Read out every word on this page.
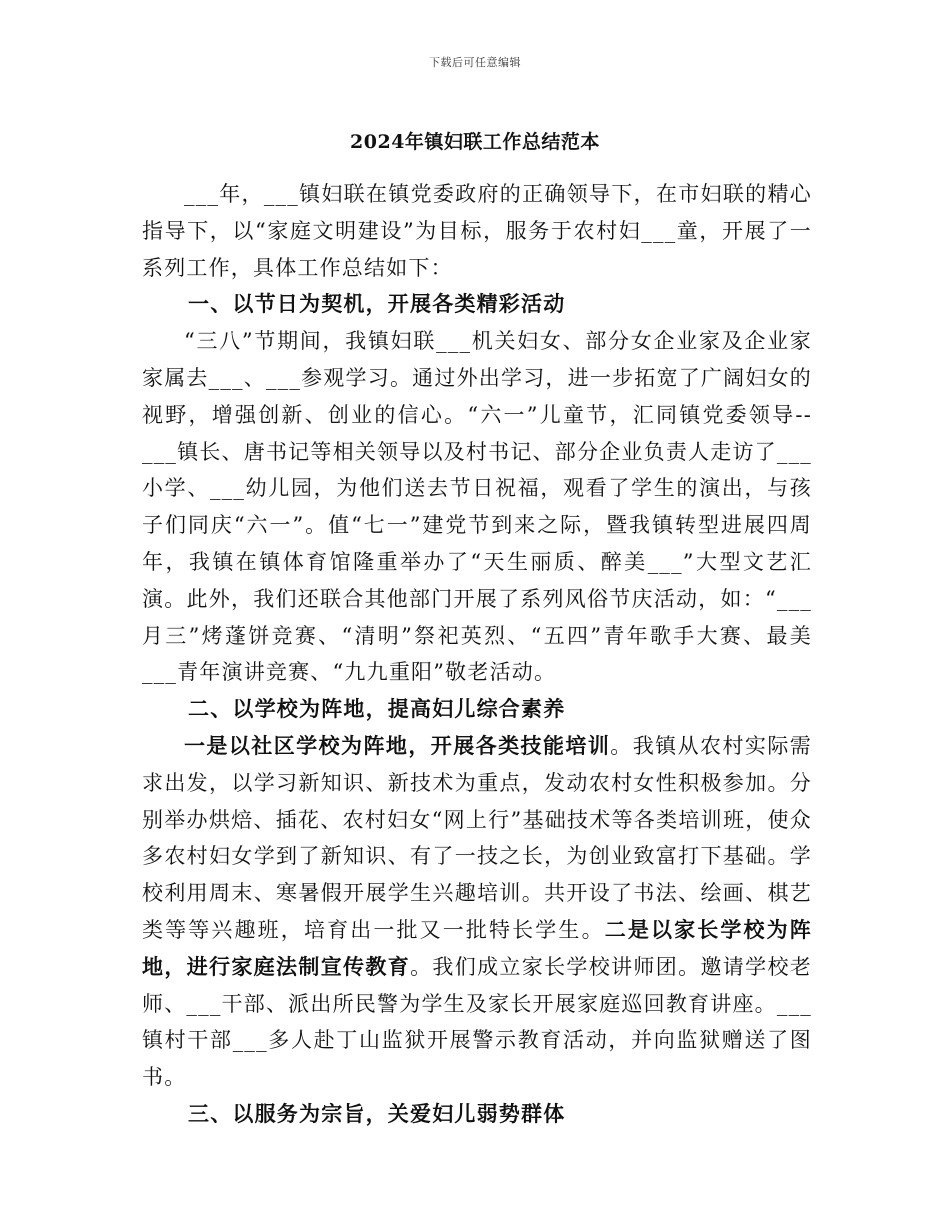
下载后可任意编辑
2024年镇妇联工作总结范本

___年，___镇妇联在镇党委政府的正确领导下，在市妇联的精心指导下，以“家庭文明建设”为目标，服务于农村妇___童，开展了一系列工作，具体工作总结如下：

一、以节日为契机，开展各类精彩活动

“三八”节期间，我镇妇联___机关妇女、部分女企业家及企业家家属去___、___参观学习。通过外出学习，进一步拓宽了广阔妇女的视野，增强创新、创业的信心。“六一”儿童节，汇同镇党委领导--___镇长、唐书记等相关领导以及村书记、部分企业负责人走访了___小学、___幼儿园，为他们送去节日祝福，观看了学生的演出，与孩子们同庆“六一”。值“七一”建党节到来之际，暨我镇转型进展四周年，我镇在镇体育馆隆重举办了“天生丽质、醉美___”大型文艺汇演。此外，我们还联合其他部门开展了系列风俗节庆活动，如：“___月三”烤蓬饼竞赛、“清明”祭祀英烈、“五四”青年歌手大赛、最美___青年演讲竞赛、“九九重阳”敬老活动。

二、以学校为阵地，提高妇儿综合素养

一是以社区学校为阵地，开展各类技能培训。我镇从农村实际需求出发，以学习新知识、新技术为重点，发动农村女性积极参加。分别举办烘焙、插花、农村妇女“网上行”基础技术等各类培训班，使众多农村妇女学到了新知识、有了一技之长，为创业致富打下基础。学校利用周末、寒暑假开展学生兴趣培训。共开设了书法、绘画、棋艺类等等兴趣班，培育出一批又一批特长学生。二是以家长学校为阵地，进行家庭法制宣传教育。我们成立家长学校讲师团。邀请学校老师、___干部、派出所民警为学生及家长开展家庭巡回教育讲座。___镇村干部___多人赴丁山监狱开展警示教育活动，并向监狱赠送了图书。

三、以服务为宗旨，关爱妇儿弱势群体
